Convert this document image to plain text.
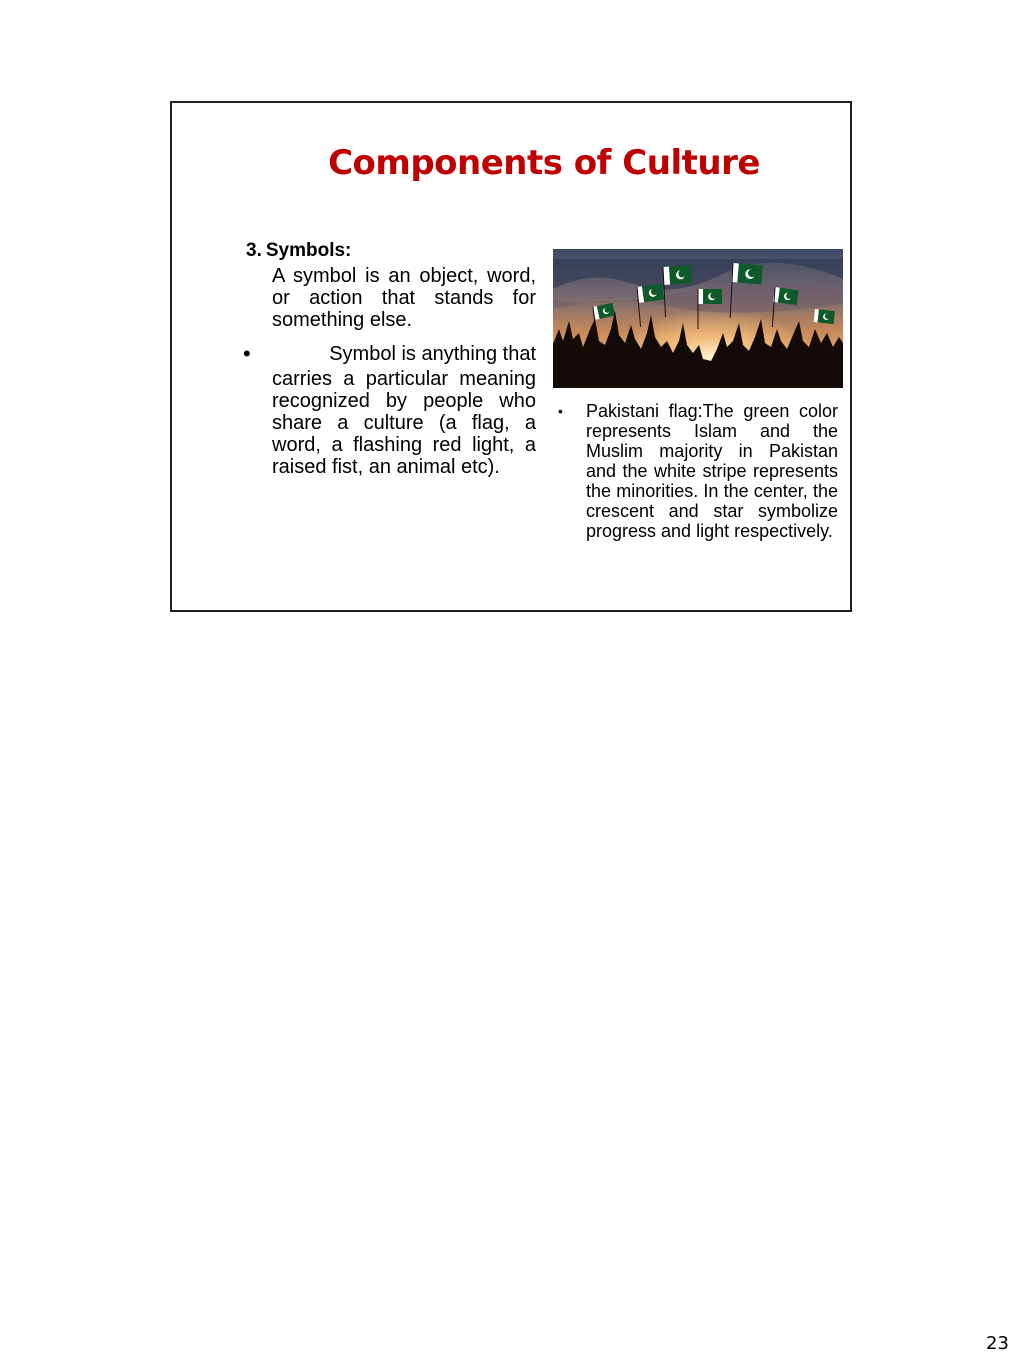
Components of Culture
3. Symbols:

A symbol is an object, word, or action that stands for something else.

•	Symbol is anything that
carries a particular meaning recognized by people who share a culture (a flag, a word, a flashing red light, a raised fist, an animal etc).

• Pakistani flag:The green color represents Islam and the Muslim majority in Pakistan and the white stripe represents the minorities. In the center, the crescent and star symbolize progress and light respectively.

23
